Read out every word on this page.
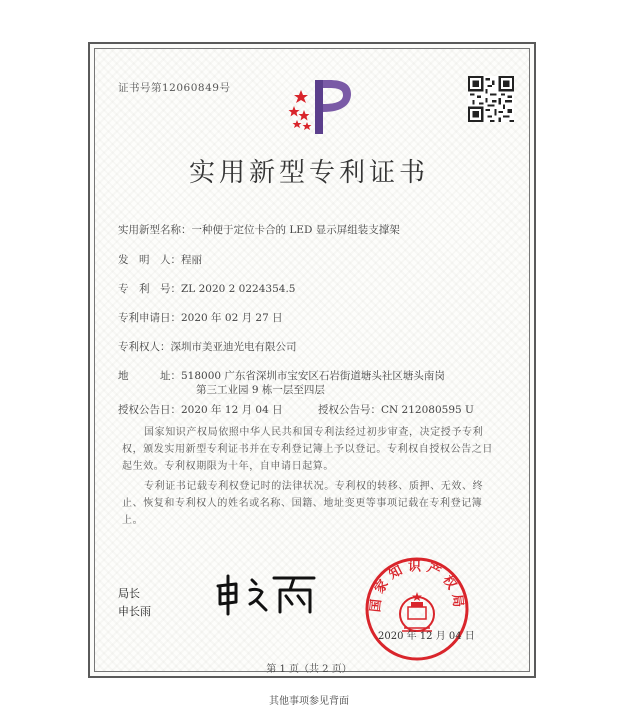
证书号第12060849号
实用新型专利证书
实用新型名称：一种便于定位卡合的 LED 显示屏组装支撑架
发　明　人：程丽
专　利　号：ZL 2020 2 0224354.5
专利申请日：2020 年 02 月 27 日
专利权人：深圳市美亚迪光电有限公司
地　　　址：518000 广东省深圳市宝安区石岩街道塘头社区塘头南岗
第三工业园 9 栋一层至四层
授权公告日：2020 年 12 月 04 日	授权公告号：CN 212080595 U
国家知识产权局依照中华人民共和国专利法经过初步审查，决定授予专利权，颁发实用新型专利证书并在专利登记簿上予以登记。专利权自授权公告之日起生效。专利权期限为十年，自申请日起算。
专利证书记载专利权登记时的法律状况。专利权的转移、质押、无效、终止、恢复和专利权人的姓名或名称、国籍、地址变更等事项记载在专利登记簿上。
局长
申长雨	国家知识产权局
2020 年 12 月 04 日
第 1 页（共 2 页）
其他事项参见背面
